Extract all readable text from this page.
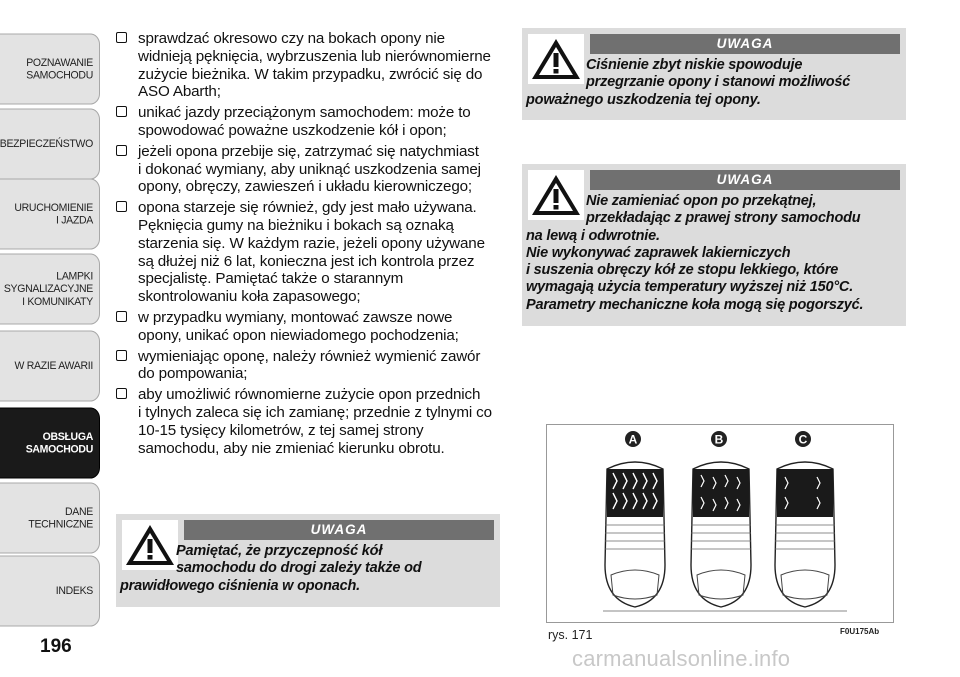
POZNAWANIE
SAMOCHODU
BEZPIECZEŃSTWO
URUCHOMIENIE
I JAZDA
LAMPKI
SYGNALIZACYJNE
I KOMUNIKATY
W RAZIE AWARII
OBSŁUGA
SAMOCHODU
DANE
TECHNICZNE
INDEKS
196
sprawdzać okresowo czy na bokach opony nie
widnieją pęknięcia, wybrzuszenia lub nierównomierne
zużycie bieżnika. W takim przypadku, zwrócić się do
ASO Abarth;
unikać jazdy przeciążonym samochodem: może to
spowodować poważne uszkodzenie kół i opon;
jeżeli opona przebije się, zatrzymać się natychmiast
i dokonać wymiany, aby uniknąć uszkodzenia samej
opony, obręczy, zawieszeń i układu kierowniczego;
opona starzeje się również, gdy jest mało używana.
Pęknięcia gumy na bieżniku i bokach są oznaką
starzenia się. W każdym razie, jeżeli opony używane
są dłużej niż 6 lat, konieczna jest ich kontrola przez
specjalistę. Pamiętać także o starannym
skontrolowaniu koła zapasowego;
w przypadku wymiany, montować zawsze nowe
opony, unikać opon niewiadomego pochodzenia;
wymieniając oponę, należy również wymienić zawór
do pompowania;
aby umożliwić równomierne zużycie opon przednich
i tylnych zaleca się ich zamianę; przednie z tylnymi co
10-15 tysięcy kilometrów, z tej samej strony
samochodu, aby nie zmieniać kierunku obrotu.
UWAGA
Pamiętać, że przyczepność kół
samochodu do drogi zależy także od
prawidłowego ciśnienia w oponach.
UWAGA
Ciśnienie zbyt niskie spowoduje
przegrzanie opony i stanowi możliwość
poważnego uszkodzenia tej opony.
UWAGA
Nie zamieniać opon po przekątnej,
przekładając z prawej strony samochodu
na lewą i odwrotnie.
Nie wykonywać zaprawek lakierniczych
i suszenia obręczy kół ze stopu lekkiego, które
wymagają użycia temperatury wyższej niż 150°C.
Parametry mechaniczne koła mogą się pogorszyć.
A	B	C
rys. 171	F0U175Ab
carmanualsonline.info
